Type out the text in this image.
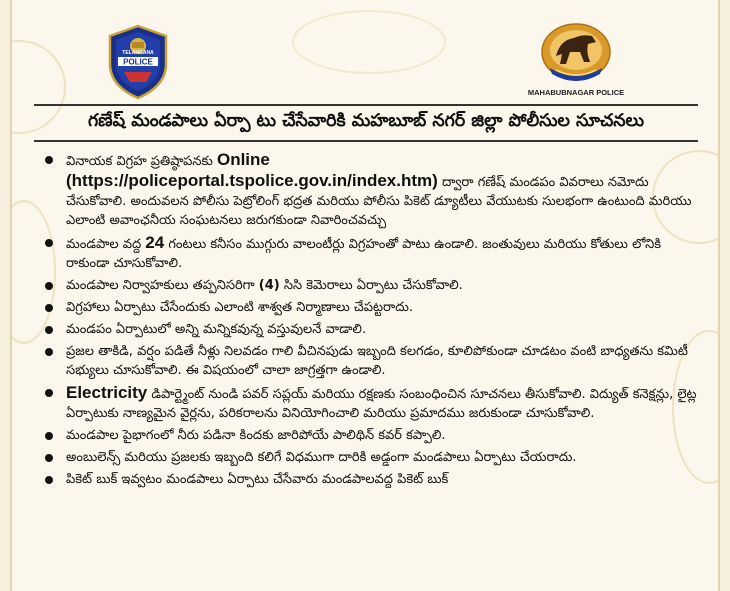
TELANGANA
POLICE
MAHABUBNAGAR POLICE
గణేష్ మండపాలు ఏర్పా టు చేసేవారికి మహబూబ్ నగర్ జిల్లా పోలీసుల సూచనలు
వినాయక విగ్రహ ప్రతిష్ఠాపనకు Online
(https://policeportal.tspolice.gov.in/index.htm) ద్వారా గణేష్ మండపం వివరాలు నమోదు చేసుకోవాలి. అందువలన పోలీసు పెట్రోలింగ్ భద్రత మరియు పోలీసు పికెట్ డ్యూటీలు వేయుటకు సులభంగా ఉంటుంది మరియు ఎలాంటి అవాంఛనీయ సంఘటనలు జరుగకుండా నివారించవచ్చు
మండపాల వద్ద 24 గంటలు కనీసం ముగ్గురు వాలంటీర్లు విగ్రహంతో పాటు ఉండాలి. జంతువులు మరియు కోతులు లోనికి రాకుండా చూసుకోవాలి.
మండపాల నిర్వాహకులు తప్పనిసరిగా (4) సిసి కెమెరాలు ఏర్పాటు చేసుకోవాలి.
విగ్రహాలు ఏర్పాటు చేసేందుకు ఎలాంటి శాశ్వత నిర్మాణాలు చేపట్టరాదు.
మండపం ఏర్పాటులో అన్ని మన్నికవున్న వస్తువులనే వాడాలి.
ప్రజల తాకిడి, వర్షం పడితే నీళ్లు నిలవడం గాలి వీచినపుడు ఇబ్బంది కలగడం, కూలిపోకుండా చూడటం వంటి బాధ్యతను కమిటీ సభ్యులు చూసుకోవాలి. ఈ విషయంలో చాలా జాగ్రత్తగా ఉండాలి.
Electricity డిపార్ట్మెంట్ నుండి పవర్ సప్లయ్ మరియు రక్షణకు సంబంధించిన సూచనలు తీసుకోవాలి. విద్యుత్ కనెక్షన్లు, లైట్ల ఏర్పాటుకు నాణ్యమైన వైర్లను, పరికరాలను వినియోగించాలి మరియు ప్రమాదము జరుకుండా చూసుకోవాలి.
మండపాల పైభాగంలో నీరు పడినా కిందకు జారిపోయే పాలిథిన్ కవర్ కప్పాలి.
అంబులెన్స్ మరియు ప్రజలకు ఇబ్బంది కలిగే విధముగా దారికి అడ్డంగా మండపాలు ఏర్పాటు చేయరాదు.
పికెట్ బుక్ ఇవ్వటం మండపాలు ఏర్పాటు చేసేవారు మండపాలవద్ద పికెట్ బుక్
